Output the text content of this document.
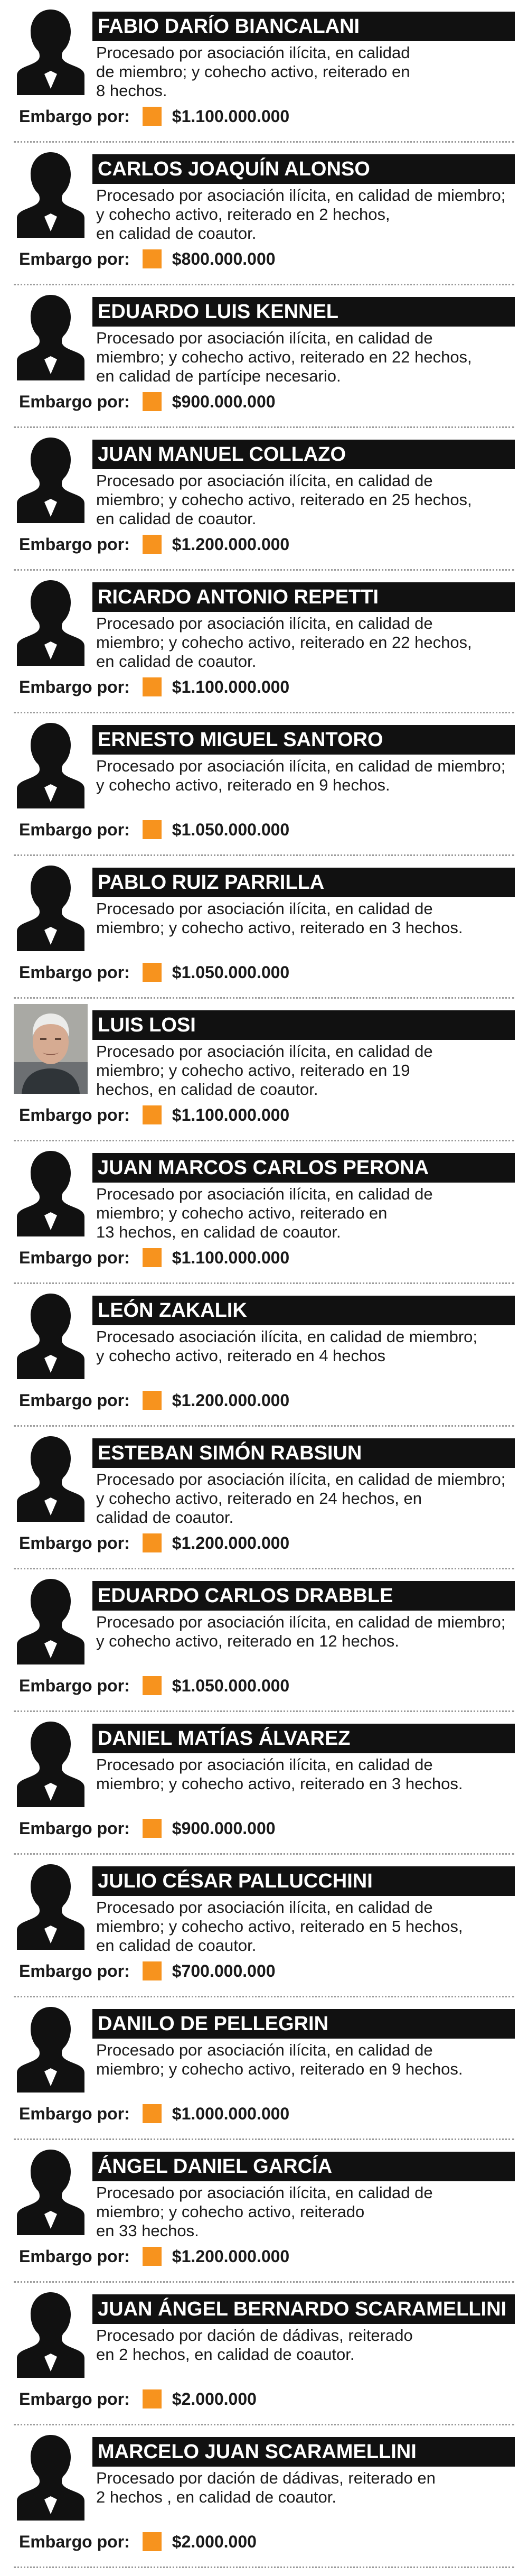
FABIO DARÍO BIANCALANI
Procesado por asociación ilícita, en calidad
de miembro; y cohecho activo, reiterado en
8 hechos.
Embargo por:	$1.100.000.000
CARLOS JOAQUÍN ALONSO
Procesado por asociación ilícita, en calidad de miembro;
y cohecho activo, reiterado en 2 hechos,
en calidad de coautor.
Embargo por:	$800.000.000
EDUARDO LUIS KENNEL
Procesado por asociación ilícita, en calidad de
miembro; y cohecho activo, reiterado en 22 hechos,
en calidad de partícipe necesario.
Embargo por:	$900.000.000
JUAN MANUEL COLLAZO
Procesado por asociación ilícita, en calidad de
miembro; y cohecho activo, reiterado en 25 hechos,
en calidad de coautor.
Embargo por:	$1.200.000.000
RICARDO ANTONIO REPETTI
Procesado por asociación ilícita, en calidad de
miembro; y cohecho activo, reiterado en 22 hechos,
en calidad de coautor.
Embargo por:	$1.100.000.000
ERNESTO MIGUEL SANTORO
Procesado por asociación ilícita, en calidad de miembro;
y cohecho activo, reiterado en 9 hechos.
Embargo por:	$1.050.000.000
PABLO RUIZ PARRILLA
Procesado por asociación ilícita, en calidad de
miembro; y cohecho activo, reiterado en 3 hechos.
Embargo por:	$1.050.000.000
LUIS LOSI
Procesado por asociación ilícita, en calidad de
miembro; y cohecho activo, reiterado en 19
hechos, en calidad de coautor.
Embargo por:	$1.100.000.000
JUAN MARCOS CARLOS PERONA
Procesado por asociación ilícita, en calidad de
miembro; y cohecho activo, reiterado en
13 hechos, en calidad de coautor.
Embargo por:	$1.100.000.000
LEÓN ZAKALIK
Procesado asociación ilícita, en calidad de miembro;
y cohecho activo, reiterado en 4 hechos
Embargo por:	$1.200.000.000
ESTEBAN SIMÓN RABSIUN
Procesado por asociación ilícita, en calidad de miembro;
y cohecho activo, reiterado en 24 hechos, en
calidad de coautor.
Embargo por:	$1.200.000.000
EDUARDO CARLOS DRABBLE
Procesado por asociación ilícita, en calidad de miembro;
y cohecho activo, reiterado en 12 hechos.
Embargo por:	$1.050.000.000
DANIEL MATÍAS ÁLVAREZ
Procesado por asociación ilícita, en calidad de
miembro; y cohecho activo, reiterado en 3 hechos.
Embargo por:	$900.000.000
JULIO CÉSAR PALLUCCHINI
Procesado por asociación ilícita, en calidad de
miembro; y cohecho activo, reiterado en 5 hechos,
en calidad de coautor.
Embargo por:	$700.000.000
DANILO DE PELLEGRIN
Procesado por asociación ilícita, en calidad de
miembro; y cohecho activo, reiterado en 9 hechos.
Embargo por:	$1.000.000.000
ÁNGEL DANIEL GARCÍA
Procesado por asociación ilícita, en calidad de
miembro; y cohecho activo, reiterado
en 33 hechos.
Embargo por:	$1.200.000.000
JUAN ÁNGEL BERNARDO SCARAMELLINI
Procesado por dación de dádivas, reiterado
en 2 hechos, en calidad de coautor.
Embargo por:	$2.000.000
MARCELO JUAN SCARAMELLINI
Procesado por dación de dádivas, reiterado en
2 hechos , en calidad de coautor.
Embargo por:	$2.000.000
